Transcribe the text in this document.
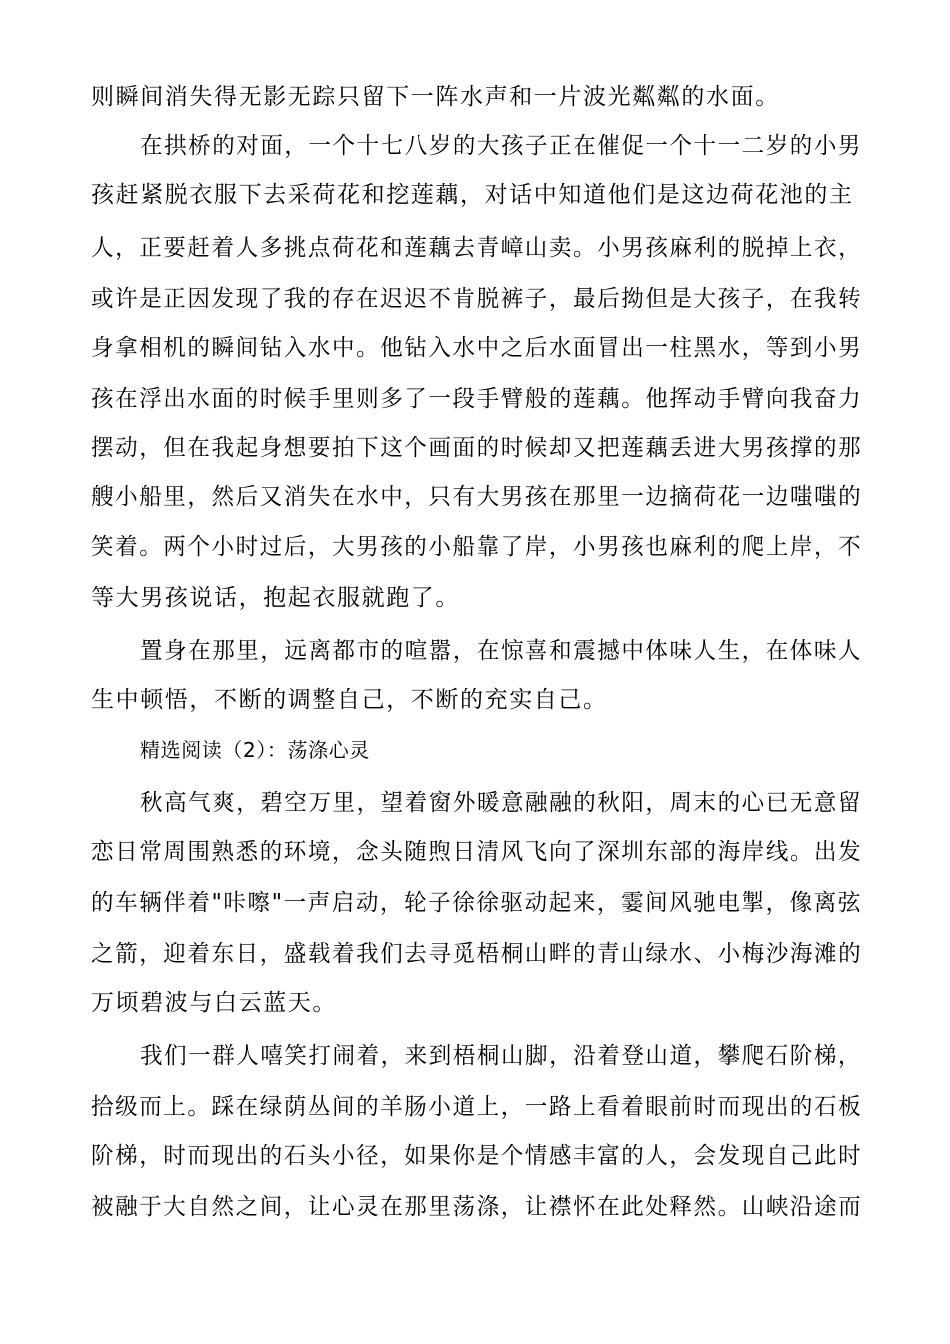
则瞬间消失得无影无踪只留下一阵水声和一片波光粼粼的水面。
在拱桥的对面，一个十七八岁的大孩子正在催促一个十一二岁的小男
孩赶紧脱衣服下去采荷花和挖莲藕，对话中知道他们是这边荷花池的主
人，正要赶着人多挑点荷花和莲藕去青嶂山卖。小男孩麻利的脱掉上衣，
或许是正因发现了我的存在迟迟不肯脱裤子，最后拗但是大孩子，在我转
身拿相机的瞬间钻入水中。他钻入水中之后水面冒出一柱黑水，等到小男
孩在浮出水面的时候手里则多了一段手臂般的莲藕。他挥动手臂向我奋力
摆动，但在我起身想要拍下这个画面的时候却又把莲藕丢进大男孩撑的那
艘小船里，然后又消失在水中，只有大男孩在那里一边摘荷花一边嗤嗤的
笑着。两个小时过后，大男孩的小船靠了岸，小男孩也麻利的爬上岸，不
等大男孩说话，抱起衣服就跑了。
置身在那里，远离都市的喧嚣，在惊喜和震撼中体味人生，在体味人
生中顿悟，不断的调整自己，不断的充实自己。
精选阅读（2）：荡涤心灵
秋高气爽，碧空万里，望着窗外暖意融融的秋阳，周末的心已无意留
恋日常周围熟悉的环境，念头随煦日清风飞向了深圳东部的海岸线。出发
的车辆伴着"咔嚓"一声启动，轮子徐徐驱动起来，霎间风驰电掣，像离弦
之箭，迎着东日，盛载着我们去寻觅梧桐山畔的青山绿水、小梅沙海滩的
万顷碧波与白云蓝天。
我们一群人嘻笑打闹着，来到梧桐山脚，沿着登山道，攀爬石阶梯，
拾级而上。踩在绿荫丛间的羊肠小道上，一路上看着眼前时而现出的石板
阶梯，时而现出的石头小径，如果你是个情感丰富的人，会发现自己此时
被融于大自然之间，让心灵在那里荡涤，让襟怀在此处释然。山峡沿途而
